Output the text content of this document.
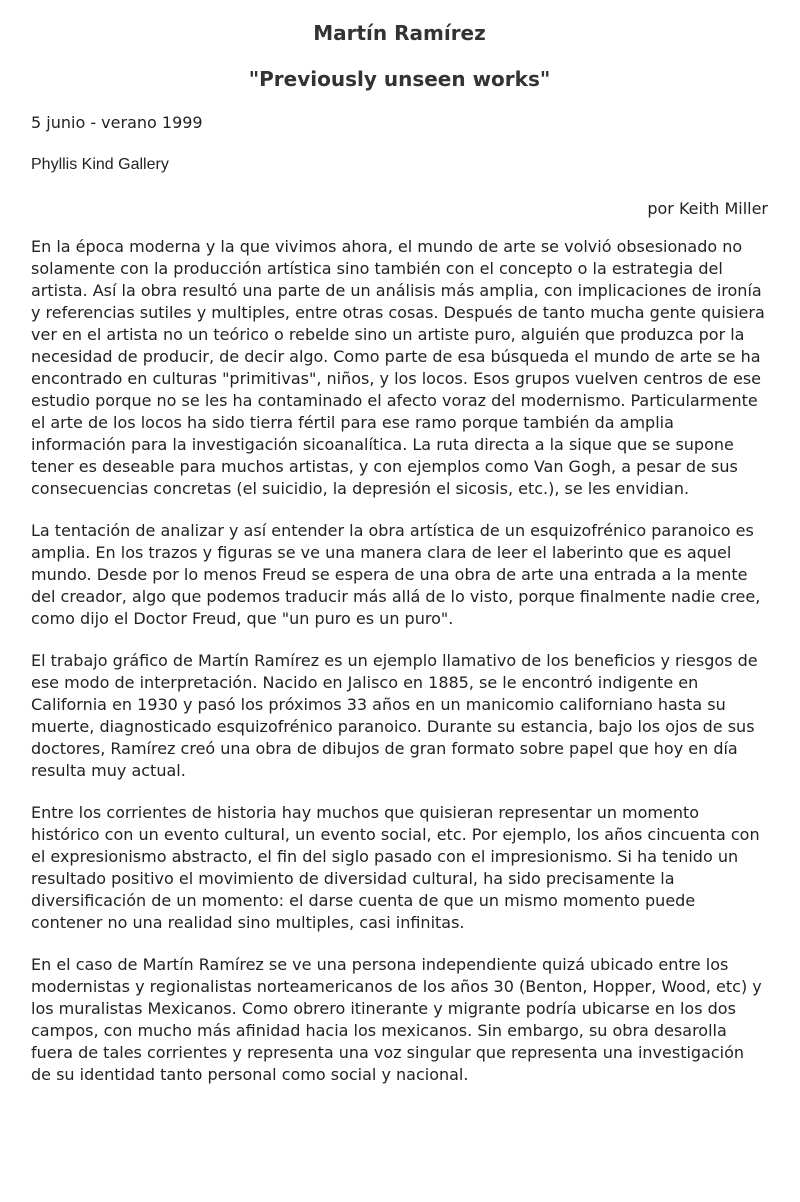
Martín Ramírez
"Previously unseen works"
5 junio - verano 1999
Phyllis Kind Gallery
por Keith Miller

En la época moderna y la que vivimos ahora, el mundo de arte se volvió obsesionado no solamente con la producción artística sino también con el concepto o la estrategia del artista. Así la obra resultó una parte de un análisis más amplia, con implicaciones de ironía y referencias sutiles y multiples, entre otras cosas. Después de tanto mucha gente quisiera ver en el artista no un teórico o rebelde sino un artiste puro, alguién que produzca por la necesidad de producir, de decir algo. Como parte de esa búsqueda el mundo de arte se ha encontrado en culturas "primitivas", niños, y los locos. Esos grupos vuelven centros de ese estudio porque no se les ha contaminado el afecto voraz del modernismo. Particularmente el arte de los locos ha sido tierra fértil para ese ramo porque también da amplia información para la investigación sicoanalítica. La ruta directa a la sique que se supone tener es deseable para muchos artistas, y con ejemplos como Van Gogh, a pesar de sus consecuencias concretas (el suicidio, la depresión el sicosis, etc.), se les envidian.

La tentación de analizar y así entender la obra artística de un esquizofrénico paranoico es amplia. En los trazos y figuras se ve una manera clara de leer el laberinto que es aquel mundo. Desde por lo menos Freud se espera de una obra de arte una entrada a la mente del creador, algo que podemos traducir más allá de lo visto, porque finalmente nadie cree, como dijo el Doctor Freud, que "un puro es un puro".

El trabajo gráfico de Martín Ramírez es un ejemplo llamativo de los beneficios y riesgos de ese modo de interpretación. Nacido en Jalisco en 1885, se le encontró indigente en California en 1930 y pasó los próximos 33 años en un manicomio californiano hasta su muerte, diagnosticado esquizofrénico paranoico. Durante su estancia, bajo los ojos de sus doctores, Ramírez creó una obra de dibujos de gran formato sobre papel que hoy en día resulta muy actual.

Entre los corrientes de historia hay muchos que quisieran representar un momento histórico con un evento cultural, un evento social, etc. Por ejemplo, los años cincuenta con el expresionismo abstracto, el fin del siglo pasado con el impresionismo. Si ha tenido un resultado positivo el movimiento de diversidad cultural, ha sido precisamente la diversificación de un momento: el darse cuenta de que un mismo momento puede contener no una realidad sino multiples, casi infinitas.

En el caso de Martín Ramírez se ve una persona independiente quizá ubicado entre los modernistas y regionalistas norteamericanos de los años 30 (Benton, Hopper, Wood, etc) y los muralistas Mexicanos. Como obrero itinerante y migrante podría ubicarse en los dos campos, con mucho más afinidad hacia los mexicanos. Sin embargo, su obra desarolla fuera de tales corrientes y representa una voz singular que representa una investigación de su identidad tanto personal como social y nacional.
